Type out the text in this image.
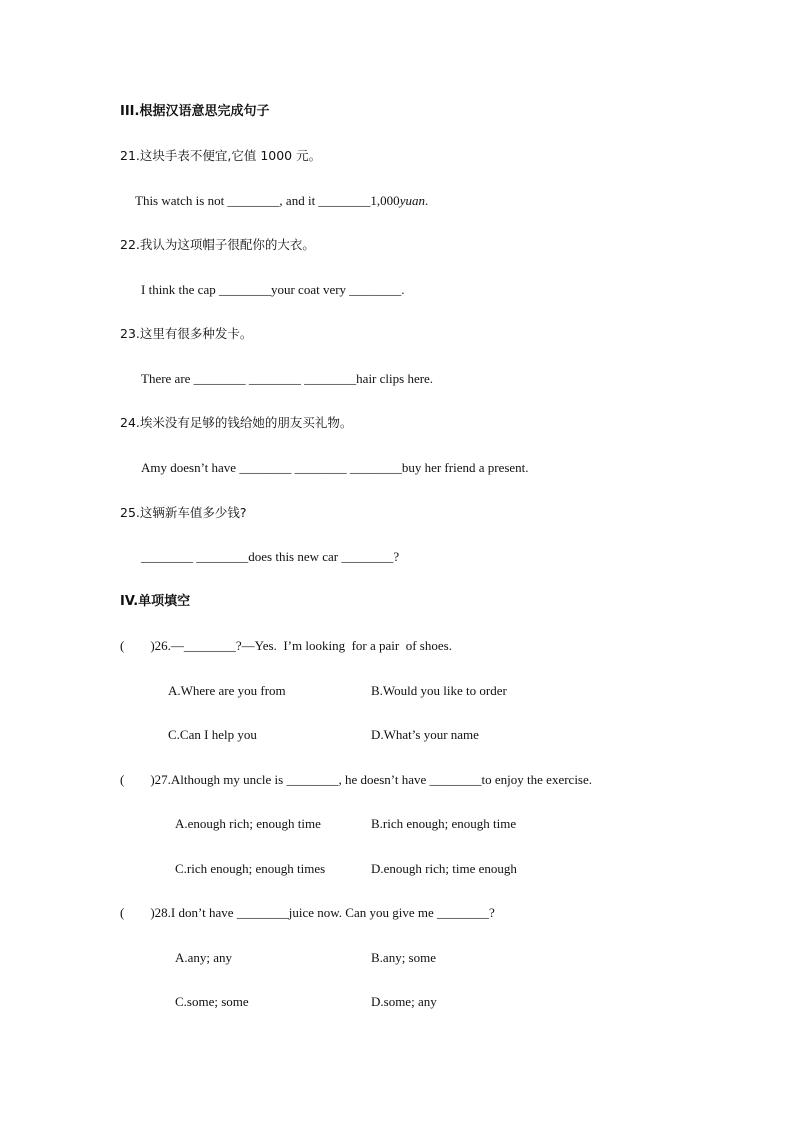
III.根据汉语意思完成句子
21.这块手表不便宜,它值 1000 元。
This watch is not ________, and it ________1,000yuan.
22.我认为这项帽子很配你的大衣。
I think the cap ________your coat very ________.
23.这里有很多种发卡。
There are ________ ________ ________hair clips here.
24.埃米没有足够的钱给她的朋友买礼物。
Amy doesn’t have ________ ________ ________buy her friend a present.
25.这辆新车值多少钱?
________ ________does this new car ________?
IV.单项填空
(        )26.—________?—Yes.  I’m looking  for a pair  of shoes.
A.Where are you from	B.Would you like to order
C.Can I help you	D.What’s your name
(        )27.Although my uncle is ________, he doesn’t have ________to enjoy the exercise.
A.enough rich; enough time	B.rich enough; enough time
C.rich enough; enough times	D.enough rich; time enough
(        )28.I don’t have ________juice now. Can you give me ________?
A.any; any	B.any; some
C.some; some	D.some; any
